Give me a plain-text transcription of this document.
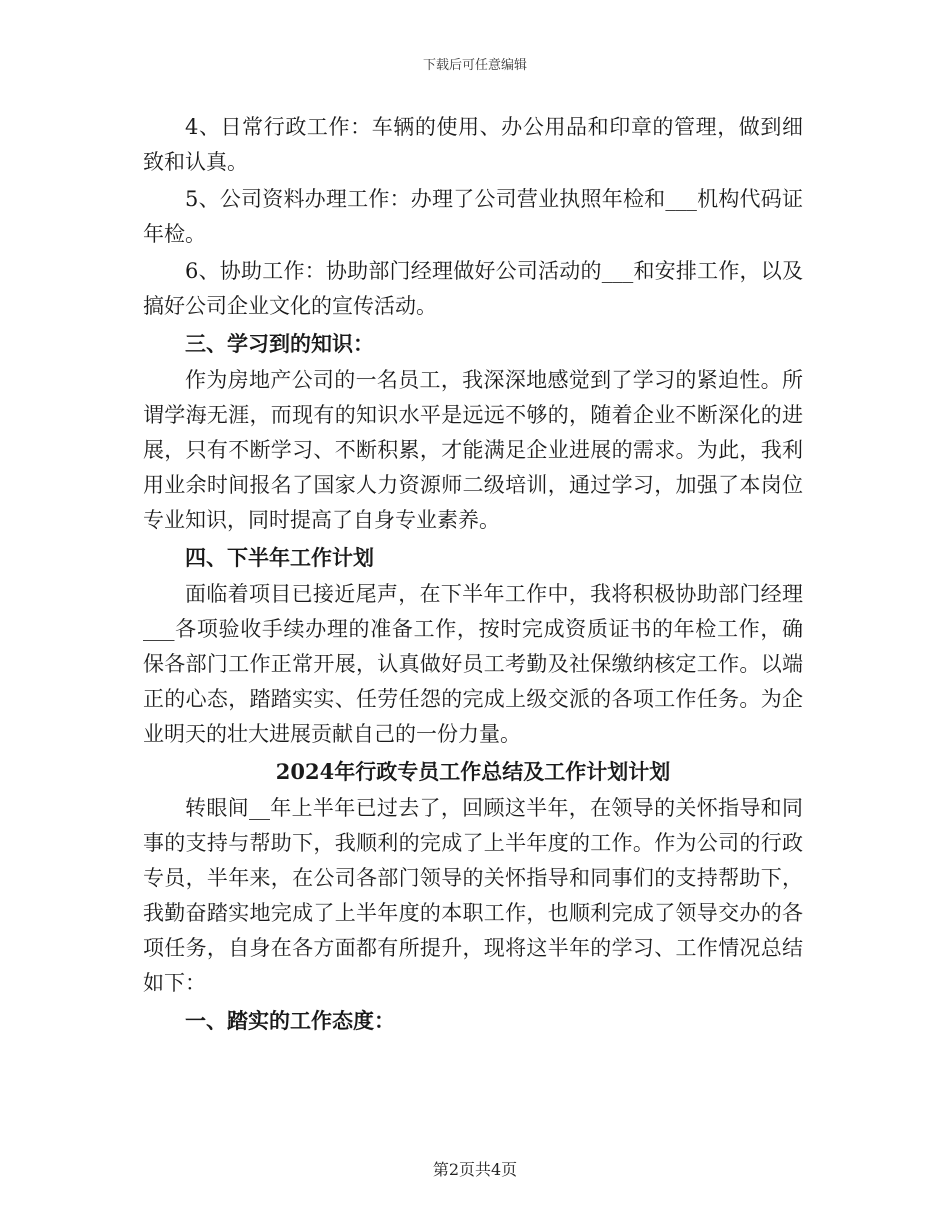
下载后可任意编辑

4、日常行政工作：车辆的使用、办公用品和印章的管理，做到细致和认真。

5、公司资料办理工作：办理了公司营业执照年检和___机构代码证年检。

6、协助工作：协助部门经理做好公司活动的___和安排工作，以及搞好公司企业文化的宣传活动。

三、学习到的知识：

作为房地产公司的一名员工，我深深地感觉到了学习的紧迫性。所谓学海无涯，而现有的知识水平是远远不够的，随着企业不断深化的进展，只有不断学习、不断积累，才能满足企业进展的需求。为此，我利用业余时间报名了国家人力资源师二级培训，通过学习，加强了本岗位专业知识，同时提高了自身专业素养。

四、下半年工作计划

面临着项目已接近尾声，在下半年工作中，我将积极协助部门经理___各项验收手续办理的准备工作，按时完成资质证书的年检工作，确保各部门工作正常开展，认真做好员工考勤及社保缴纳核定工作。以端正的心态，踏踏实实、任劳任怨的完成上级交派的各项工作任务。为企业明天的壮大进展贡献自己的一份力量。

2024年行政专员工作总结及工作计划计划

转眼间__年上半年已过去了，回顾这半年，在领导的关怀指导和同事的支持与帮助下，我顺利的完成了上半年度的工作。作为公司的行政专员，半年来，在公司各部门领导的关怀指导和同事们的支持帮助下，我勤奋踏实地完成了上半年度的本职工作，也顺利完成了领导交办的各项任务，自身在各方面都有所提升，现将这半年的学习、工作情况总结如下：

一、踏实的工作态度：

第2页共4页
